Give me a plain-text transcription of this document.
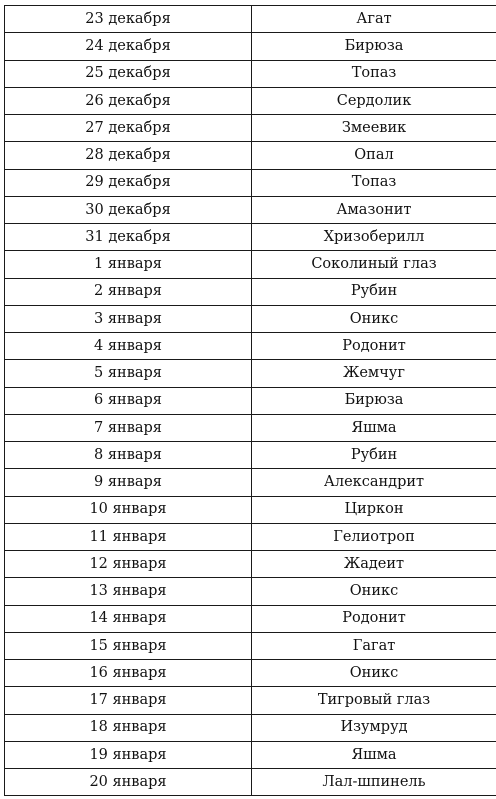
23 декабря	Агат
24 декабря	Бирюза
25 декабря	Топаз
26 декабря	Сердолик
27 декабря	Змеевик
28 декабря	Опал
29 декабря	Топаз
30 декабря	Амазонит
31 декабря	Хризоберилл
1 января	Соколиный глаз
2 января	Рубин
3 января	Оникс
4 января	Родонит
5 января	Жемчуг
6 января	Бирюза
7 января	Яшма
8 января	Рубин
9 января	Александрит
10 января	Циркон
11 января	Гелиотроп
12 января	Жадеит
13 января	Оникс
14 января	Родонит
15 января	Гагат
16 января	Оникс
17 января	Тигровый глаз
18 января	Изумруд
19 января	Яшма
20 января	Лал-шпинель
